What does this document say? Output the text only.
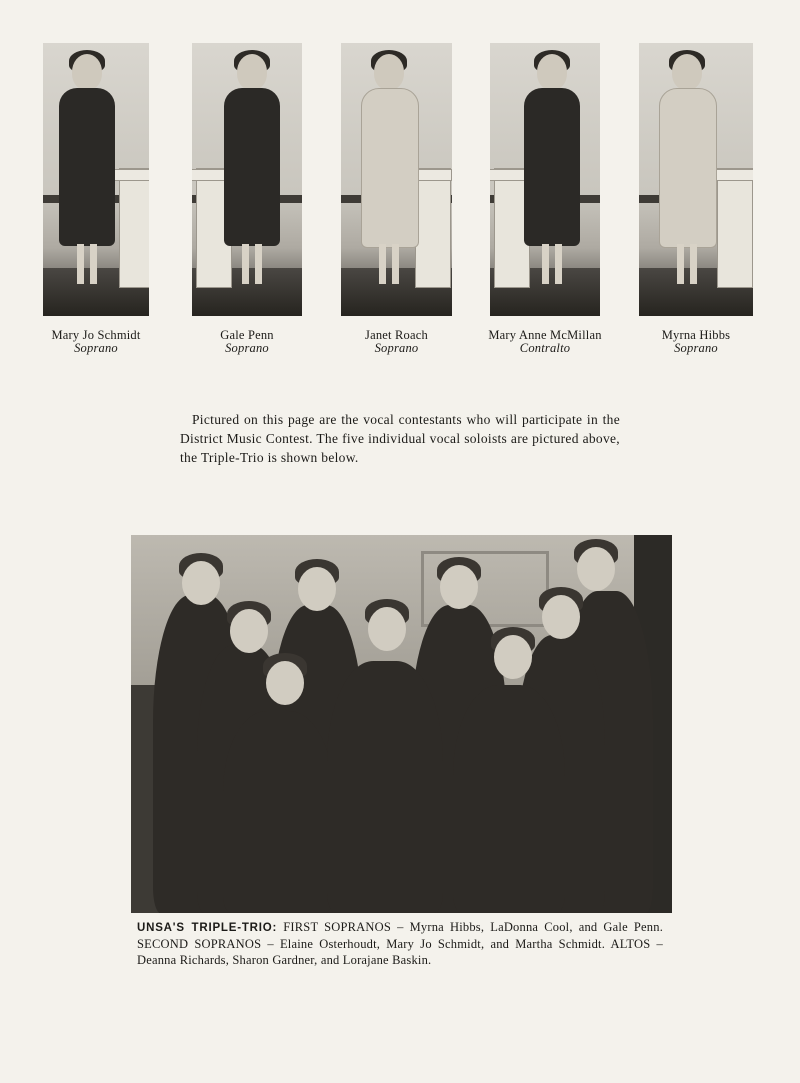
Mary Jo Schmidt
Soprano
Gale Penn
Soprano
Janet Roach
Soprano
Mary Anne McMillan
Contralto
Myrna Hibbs
Soprano

Pictured on this page are the vocal contestants who will participate in the District Music Contest. The five individual vocal soloists are pictured above, the Triple-Trio is shown below.

UNSA'S TRIPLE-TRIO: FIRST SOPRANOS – Myrna Hibbs, LaDonna Cool, and Gale Penn. SECOND SOPRANOS – Elaine Osterhoudt, Mary Jo Schmidt, and Martha Schmidt. ALTOS – Deanna Richards, Sharon Gardner, and Lorajane Baskin.
